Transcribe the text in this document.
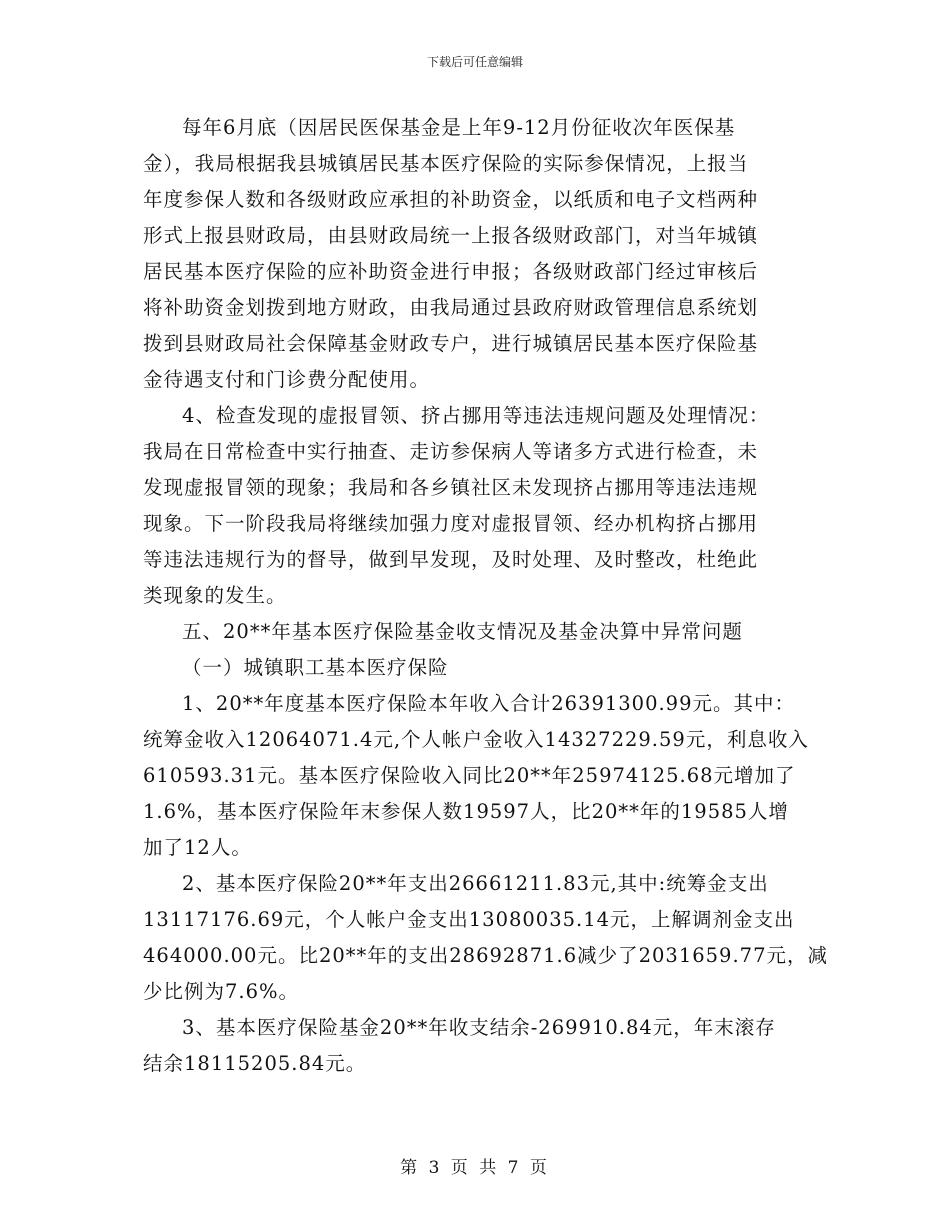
下载后可任意编辑

每年6月底（因居民医保基金是上年9-12月份征收次年医保基

金），我局根据我县城镇居民基本医疗保险的实际参保情况，上报当

年度参保人数和各级财政应承担的补助资金，以纸质和电子文档两种

形式上报县财政局，由县财政局统一上报各级财政部门，对当年城镇

居民基本医疗保险的应补助资金进行申报；各级财政部门经过审核后

将补助资金划拨到地方财政，由我局通过县政府财政管理信息系统划

拨到县财政局社会保障基金财政专户，进行城镇居民基本医疗保险基

金待遇支付和门诊费分配使用。

4、检查发现的虚报冒领、挤占挪用等违法违规问题及处理情况：

我局在日常检查中实行抽查、走访参保病人等诸多方式进行检查，未

发现虚报冒领的现象；我局和各乡镇社区未发现挤占挪用等违法违规

现象。下一阶段我局将继续加强力度对虚报冒领、经办机构挤占挪用

等违法违规行为的督导，做到早发现，及时处理、及时整改，杜绝此

类现象的发生。

五、20**年基本医疗保险基金收支情况及基金决算中异常问题

（一）城镇职工基本医疗保险

1、20**年度基本医疗保险本年收入合计26391300.99元。其中：

统筹金收入12064071.4元,个人帐户金收入14327229.59元，利息收入

610593.31元。基本医疗保险收入同比20**年25974125.68元增加了

1.6%，基本医疗保险年末参保人数19597人，比20**年的19585人增

加了12人。

2、基本医疗保险20**年支出26661211.83元,其中:统筹金支出

13117176.69元，个人帐户金支出13080035.14元，上解调剂金支出

464000.00元。比20**年的支出28692871.6减少了2031659.77元，减

少比例为7.6%。

3、基本医疗保险基金20**年收支结余-269910.84元，年末滚存

结余18115205.84元。

第 3 页 共 7 页
